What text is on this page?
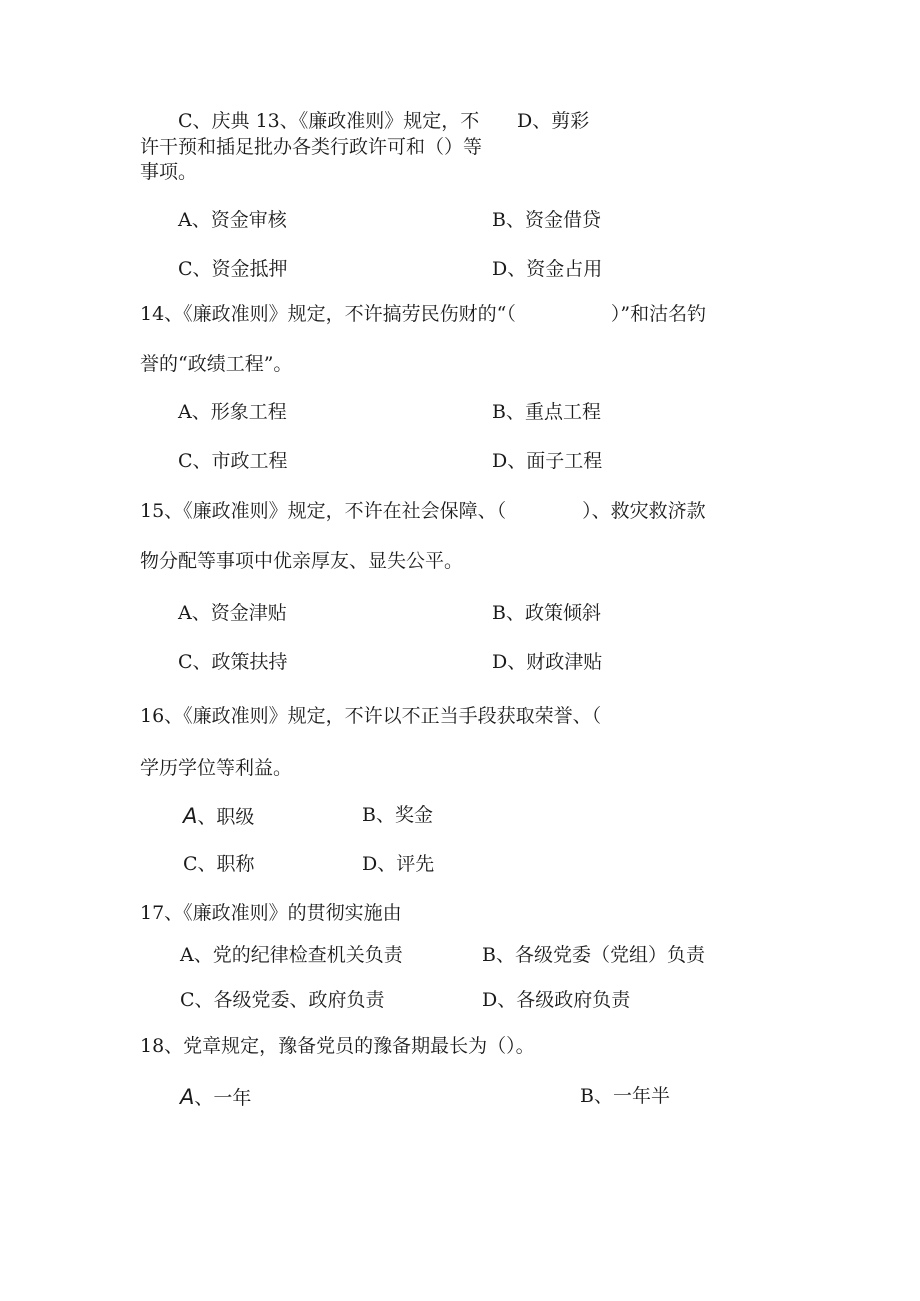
C、庆典 13、《廉政准则》规定，不 D、剪彩
许干预和插足批办各类行政许可和（）等
事项。
A、资金审核	B、资金借贷
C、资金抵押	D、资金占用
14、《廉政准则》规定，不许搞劳民伤财的“（　　　　　）”和沽名钓
誉的“政绩工程”。
A、形象工程	B、重点工程
C、市政工程	D、面子工程
15、《廉政准则》规定，不许在社会保障、（　　　　）、救灾救济款
物分配等事项中优亲厚友、显失公平。
A、资金津贴	B、政策倾斜
C、政策扶持	D、财政津贴
16、《廉政准则》规定，不许以不正当手段获取荣誉、（
学历学位等利益。
A、职级	B、奖金
C、职称	D、评先
17、《廉政准则》的贯彻实施由
A、党的纪律检查机关负责	B、各级党委（党组）负责
C、各级党委、政府负责	D、各级政府负责
18、党章规定，豫备党员的豫备期最长为（）。
A、一年	B、一年半
